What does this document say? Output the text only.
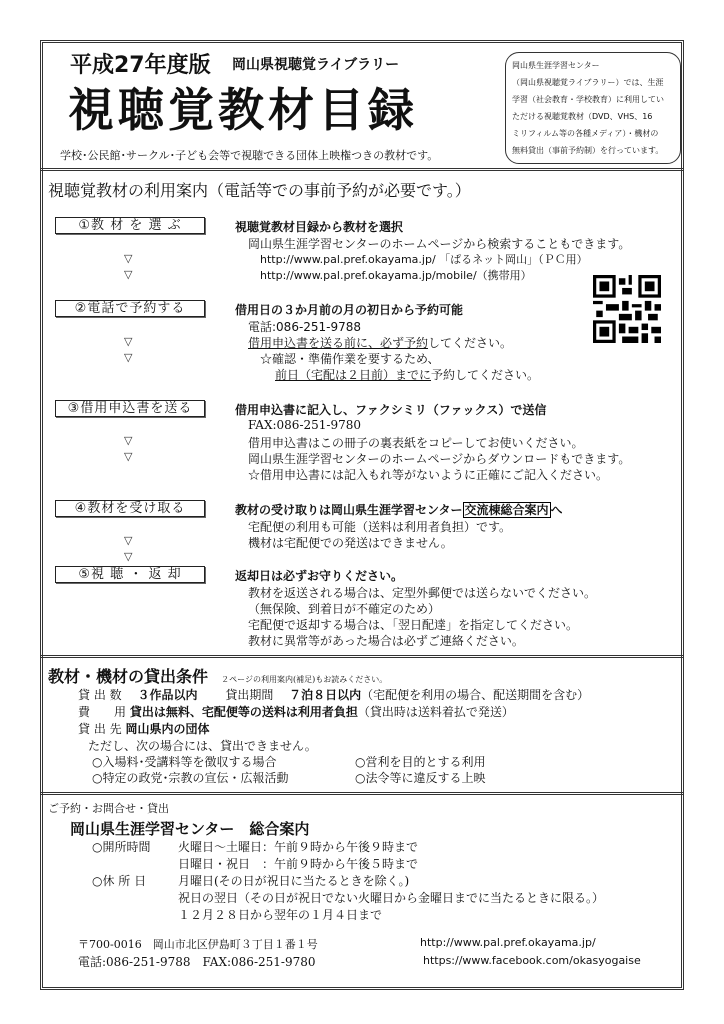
平成27年度版 岡山県視聴覚ライブラリー
視聴覚教材目録
学校･公民館･サークル･子ども会等で視聴できる団体上映権つきの教材です。
岡山県生涯学習センター
（岡山県視聴覚ライブラリー）では、生涯
学習（社会教育・学校教育）に利用してい
ただける視聴覚教材（DVD、VHS、16
ミリフィルム等の各種メディア）・機材の
無料貸出（事前予約制）を行っています。
視聴覚教材の利用案内（電話等での事前予約が必要です。）
①教 材 を 選 ぶ	視聴覚教材目録から教材を選択
岡山県生涯学習センターのホームページから検索することもできます。
http://www.pal.pref.okayama.jp/ 「ぱるネット岡山」（ＰＣ用）
http://www.pal.pref.okayama.jp/mobile/（携帯用）
②電話で予約する	借用日の３か月前の月の初日から予約可能
電話:086-251-9788
借用申込書を送る前に、必ず予約してください。
☆確認・準備作業を要するため、
前日（宅配は２日前）までに予約してください。
③借用申込書を送る	借用申込書に記入し、ファクシミリ（ファックス）で送信
FAX:086-251-9780
借用申込書はこの冊子の裏表紙をコピーしてお使いください。
岡山県生涯学習センターのホームページからダウンロードもできます。
☆借用申込書には記入もれ等がないように正確にご記入ください。
④教材を受け取る	教材の受け取りは岡山県生涯学習センター 交流棟総合案内 へ
宅配便の利用も可能（送料は利用者負担）です。
機材は宅配便での発送はできません。
⑤視 聴 ・ 返 却	返却日は必ずお守りください。
教材を返送される場合は、定型外郵便では送らないでください。
（無保険、到着日が不確定のため）
宅配便で返却する場合は、「翌日配達」を指定してください。
教材に異常等があった場合は必ずご連絡ください。
▽
▽
▽
▽
▽
▽
▽
▽
教材・機材の貸出条件 ２ページの利用案内(補足)もお読みください。
貸 出 数　 ３作品以内　　 貸出期間　 ７泊８日以内（宅配便を利用の場合、配送期間を含む）
費　　用 貸出は無料、宅配便等の送料は利用者負担（貸出時は送料着払で発送）
貸 出 先 岡山県内の団体
ただし、次の場合には、貸出できません。
○入場料･受講料等を徴収する場合	○営利を目的とする利用
○特定の政党･宗教の宣伝・広報活動	○法令等に違反する上映
ご予約・お問合せ・貸出
岡山県生涯学習センター　総合案内
○開所時間 火曜日～土曜日：午前９時から午後９時まで
日曜日・祝日　：午前９時から午後５時まで
○休 所 日	月曜日(その日が祝日に当たるときを除く。)
祝日の翌日（その日が祝日でない火曜日から金曜日までに当たるときに限る。）
１２月２８日から翌年の１月４日まで
〒700-0016　岡山市北区伊島町３丁目１番１号	http://www.pal.pref.okayama.jp/
電話:086-251-9788　FAX:086-251-9780	https://www.facebook.com/okasyogaise
